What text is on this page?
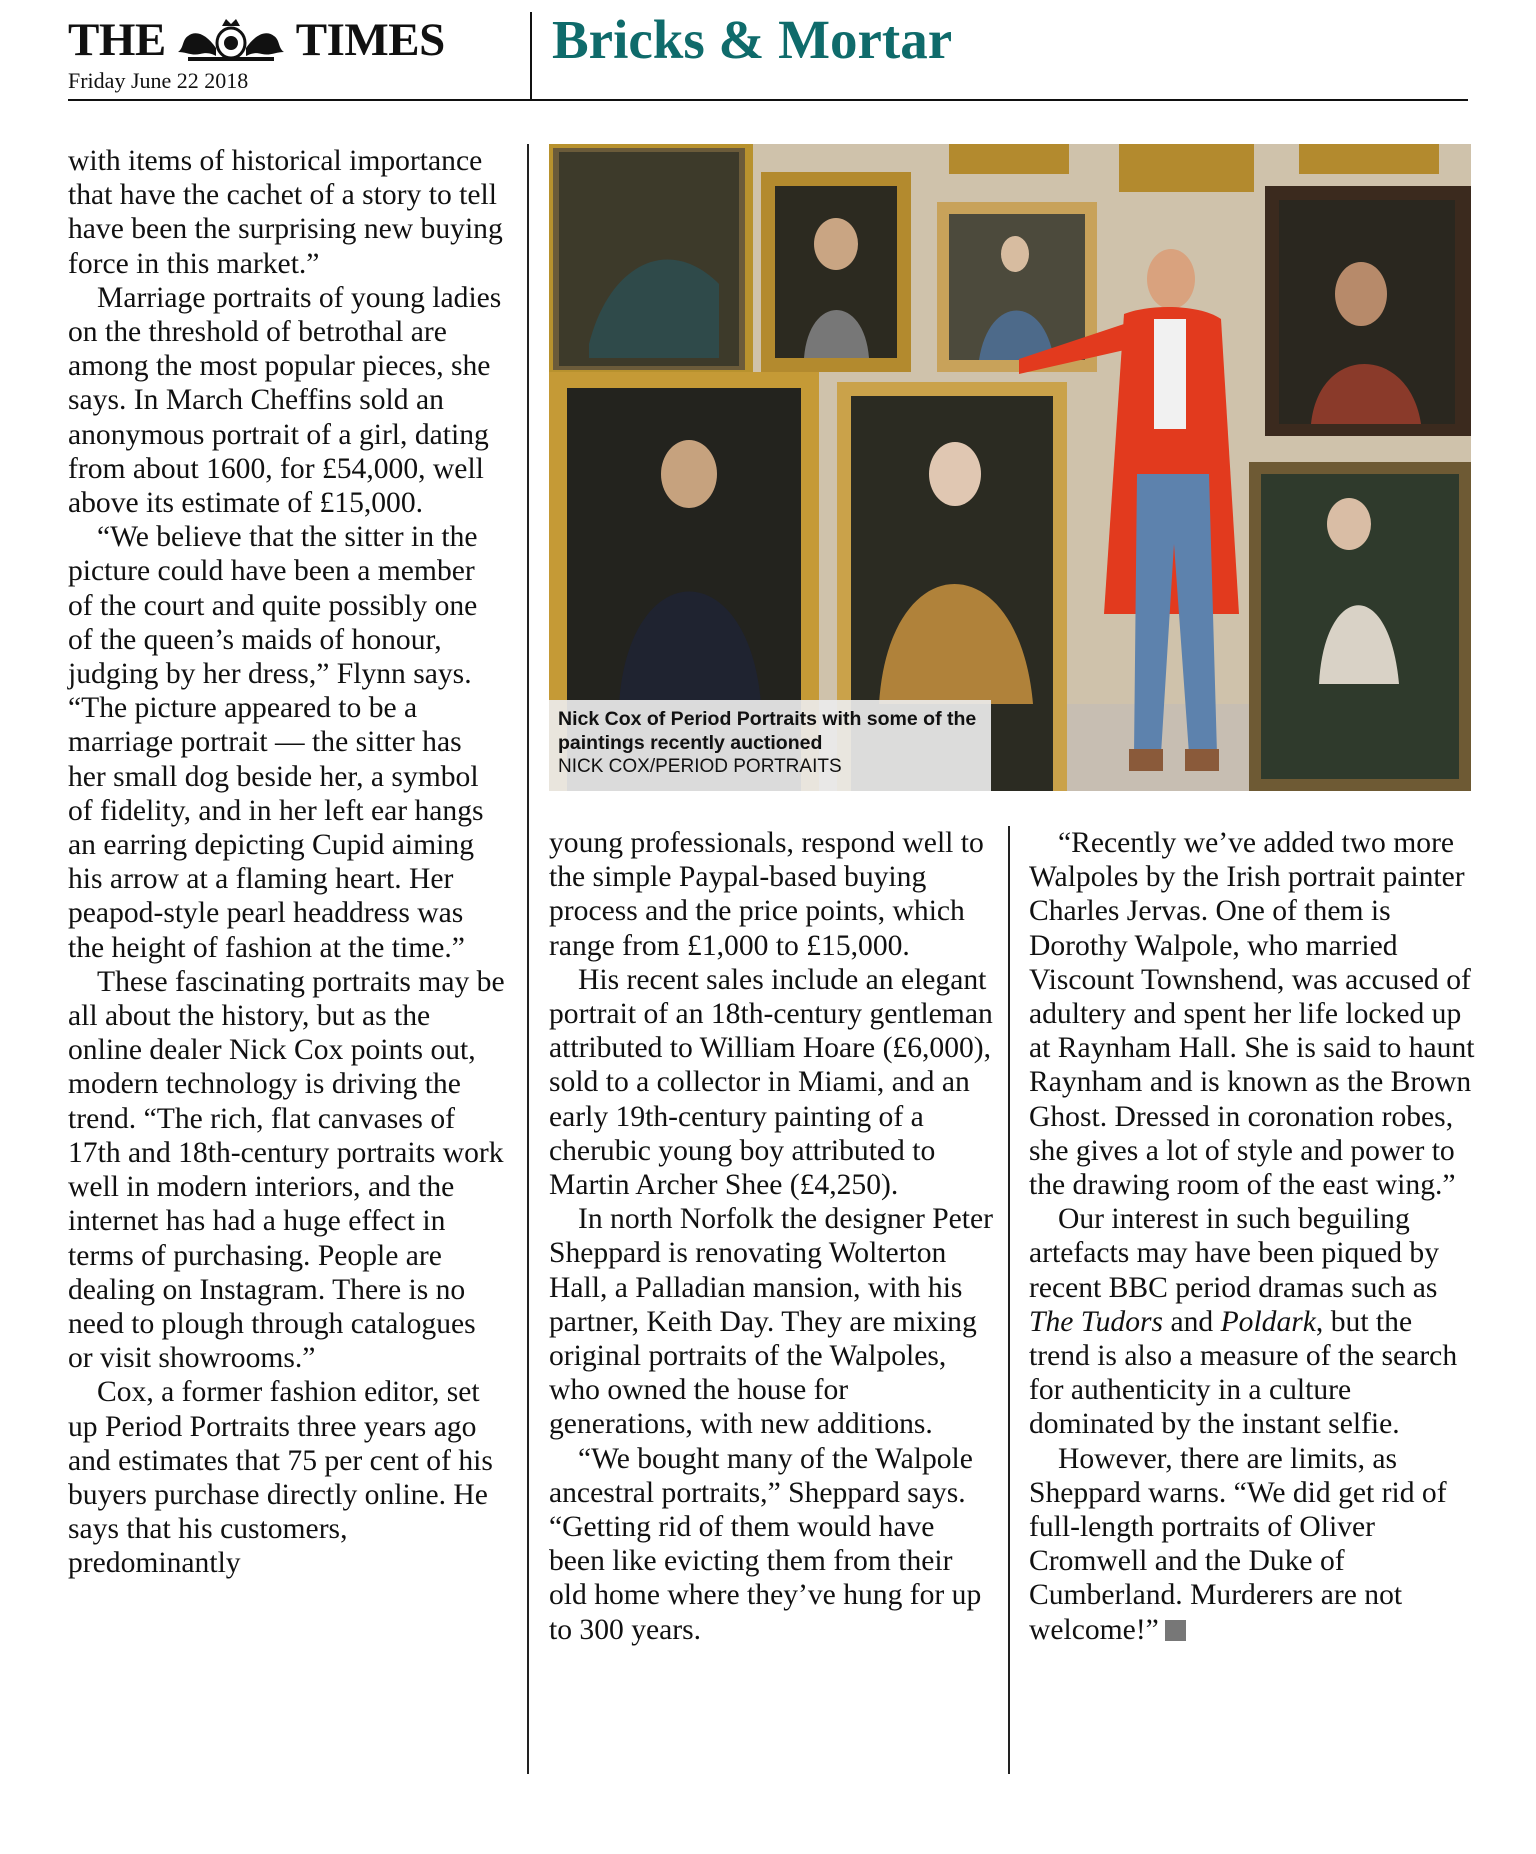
THE	TIMES
Friday June 22 2018
Bricks & Mortar

with items of historical importance that have the cachet of a story to tell have been the surprising new buying force in this market.”

Marriage portraits of young ladies on the threshold of betrothal are among the most popular pieces, she says. In March Cheffins sold an anonymous portrait of a girl, dating from about 1600, for £54,000, well above its estimate of £15,000.

“We believe that the sitter in the picture could have been a member of the court and quite possibly one of the queen’s maids of honour, judging by her dress,” Flynn says. “The picture appeared to be a marriage portrait — the sitter has her small dog beside her, a symbol of fidelity, and in her left ear hangs an earring depicting Cupid aiming his arrow at a flaming heart. Her peapod-style pearl headdress was the height of fashion at the time.”

These fascinating portraits may be all about the history, but as the online dealer Nick Cox points out, modern technology is driving the trend. “The rich, flat canvases of 17th and 18th-century portraits work well in modern interiors, and the internet has had a huge effect in terms of purchasing. People are dealing on Instagram. There is no need to plough through catalogues or visit showrooms.”

Cox, a former fashion editor, set up Period Portraits three years ago and estimates that 75 per cent of his buyers purchase directly online. He says that his customers, predominantly

Nick Cox of Period Portraits with some of the paintings recently auctioned
NICK COX/PERIOD PORTRAITS

young professionals, respond well to the simple Paypal-based buying process and the price points, which range from £1,000 to £15,000.

His recent sales include an elegant portrait of an 18th-century gentleman attributed to William Hoare (£6,000), sold to a collector in Miami, and an early 19th-century painting of a cherubic young boy attributed to Martin Archer Shee (£4,250).

In north Norfolk the designer Peter Sheppard is renovating Wolterton Hall, a Palladian mansion, with his partner, Keith Day. They are mixing original portraits of the Walpoles, who owned the house for generations, with new additions.

“We bought many of the Walpole ancestral portraits,” Sheppard says. “Getting rid of them would have been like evicting them from their old home where they’ve hung for up to 300 years.

“Recently we’ve added two more Walpoles by the Irish portrait painter Charles Jervas. One of them is Dorothy Walpole, who married Viscount Townshend, was accused of adultery and spent her life locked up at Raynham Hall. She is said to haunt Raynham and is known as the Brown Ghost. Dressed in coronation robes, she gives a lot of style and power to the drawing room of the east wing.”

Our interest in such beguiling artefacts may have been piqued by recent BBC period dramas such as The Tudors and Poldark, but the trend is also a measure of the search for authenticity in a culture dominated by the instant selfie.

However, there are limits, as Sheppard warns. “We did get rid of full-length portraits of Oliver Cromwell and the Duke of Cumberland. Murderers are not welcome!”
